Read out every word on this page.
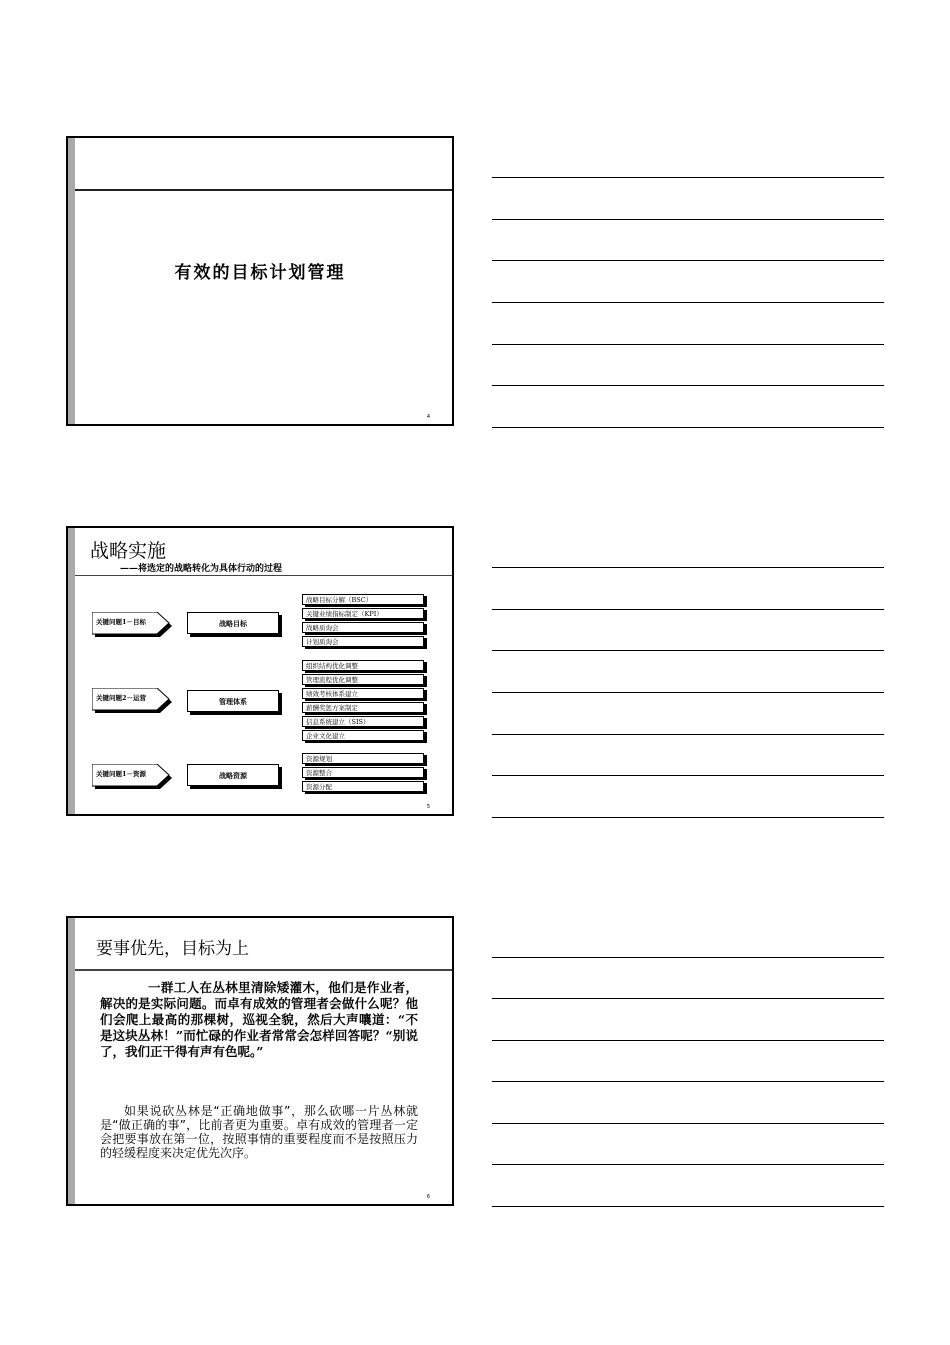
有效的目标计划管理
4
战略实施
——将选定的战略转化为具体行动的过程
关键问题1－目标	战略目标
战略目标分解（BSC）
关键业绩指标制定（KPI）
战略质询会
计划质询会
关键问题2－运营	管理体系
组织结构优化调整
管理流程优化调整
绩效考核体系建立
薪酬奖惩方案制定
信息系统建立（SIS）
企业文化建立
关键问题1－资源	战略资源
资源规划
资源整合
资源分配
5
要事优先，目标为上
一群工人在丛林里清除矮灌木，他们是作业者，解决的是实际问题。而卓有成效的管理者会做什么呢？他们会爬上最高的那棵树，巡视全貌，然后大声嚷道：“不是这块丛林！”而忙碌的作业者常常会怎样回答呢？“别说了，我们正干得有声有色呢。”
如果说砍丛林是“正确地做事”，那么砍哪一片丛林就是“做正确的事”，比前者更为重要。卓有成效的管理者一定会把要事放在第一位，按照事情的重要程度而不是按照压力的轻缓程度来决定优先次序。
6
